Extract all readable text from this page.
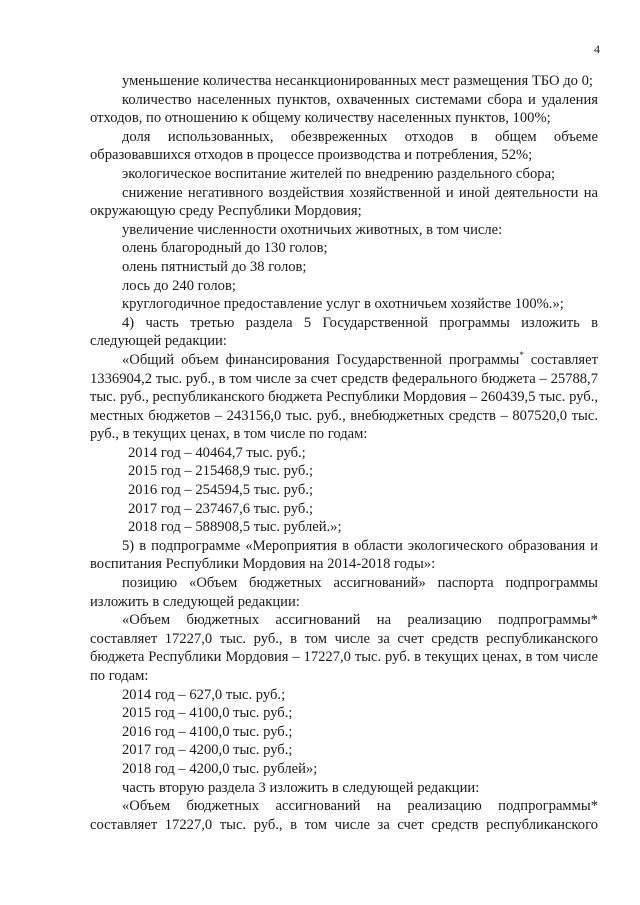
4

уменьшение количества несанкционированных мест размещения ТБО до 0;

количество населенных пунктов, охваченных системами сбора и удаления отходов, по отношению к общему количеству населенных пунктов, 100%;

доля использованных, обезвреженных отходов в общем объеме образовавшихся отходов в процессе производства и потребления, 52%;

экологическое воспитание жителей по внедрению раздельного сбора;

снижение негативного воздействия хозяйственной и иной деятельности на окружающую среду Республики Мордовия;

увеличение численности охотничьих животных, в том числе:

олень благородный до 130 голов;

олень пятнистый до 38 голов;

лось до 240 голов;

круглогодичное предоставление услуг в охотничьем хозяйстве 100%.»;

4) часть третью раздела 5 Государственной программы изложить в следующей редакции:

«Общий объем финансирования Государственной программы* составляет 1336904,2 тыс. руб., в том числе за счет средств федерального бюджета – 25788,7 тыс. руб., республиканского бюджета Республики Мордовия – 260439,5 тыс. руб., местных бюджетов – 243156,0 тыс. руб., внебюджетных средств – 807520,0 тыс. руб., в текущих ценах, в том числе по годам:

2014 год – 40464,7 тыс. руб.;

2015 год – 215468,9 тыс. руб.;

2016 год – 254594,5 тыс. руб.;

2017 год – 237467,6 тыс. руб.;

2018 год – 588908,5 тыс. рублей.»;

5) в подпрограмме «Мероприятия в области экологического образования и воспитания Республики Мордовия на 2014-2018 годы»:

позицию «Объем бюджетных ассигнований» паспорта подпрограммы изложить в следующей редакции:

«Объем бюджетных ассигнований на реализацию подпрограммы* составляет 17227,0 тыс. руб., в том числе за счет средств республиканского бюджета Республики Мордовия – 17227,0 тыс. руб. в текущих ценах, в том числе по годам:

2014 год – 627,0 тыс. руб.;

2015 год – 4100,0 тыс. руб.;

2016 год – 4100,0 тыс. руб.;

2017 год – 4200,0 тыс. руб.;

2018 год – 4200,0 тыс. рублей»;

часть вторую раздела 3 изложить в следующей редакции:

«Объем бюджетных ассигнований на реализацию подпрограммы* составляет 17227,0 тыс. руб., в том числе за счет средств республиканского
